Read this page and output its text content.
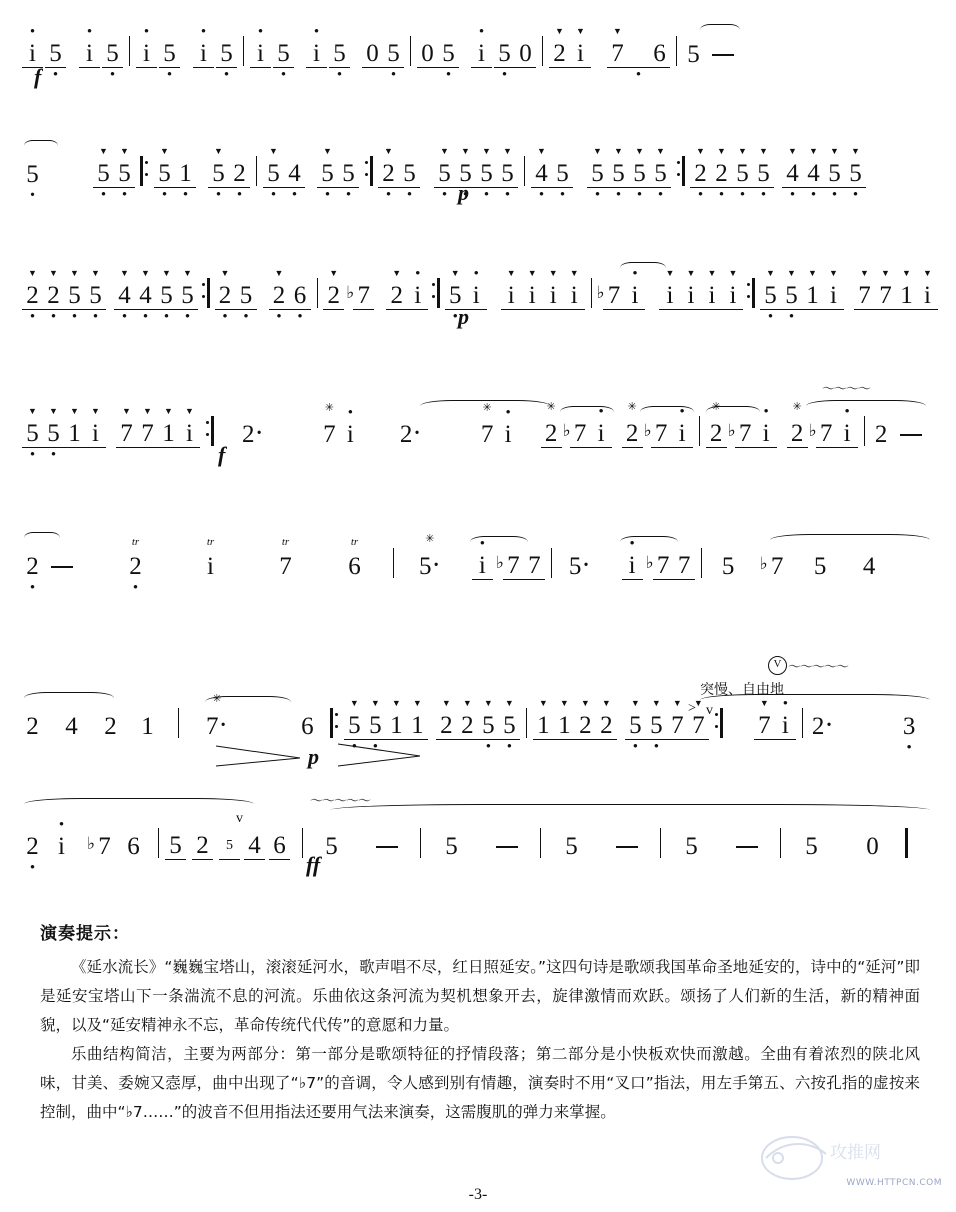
• i 5 • • i 5 • • i 5 • • i 5 • • i 5 • • i 5 • 0 5 • 0 5 • • i 5 • 0 ▼ 2 ▼ i ▼ 7 • 6 5
f
5 · ▼ 5 • ▼ 5 • ▼ 5 • 1 • ▼ 5 • 2 • ▼ 5 • 4 • ▼ 5 • 5 • ▼ 2 • 5 • ▼ 5 • ▼ 5 • ▼ 5 • ▼ 5 • ▼ 4 • 5 • ▼ 5 • ▼ 5 • ▼ 5 • ▼ 5 • ▼ 2 • ▼ 2 • ▼ 5 • ▼ 5 • ▼ 4 • ▼ 4 • ▼ 5 • ▼ 5 •
p
▼ 2 • ▼ 2 • ▼ 5 • ▼ 5 • ▼ 4 • ▼ 4 • ▼ 5 • ▼ 5 • ▼ 2 • 5 • ▼ 2 • 6 • ▼ 2 ♭ 7 ▼ 2 • i ▼ 5 • • i ▼ i ▼ i ▼ i ▼ i ♭ 7 • i ▼ i ▼ i ▼ i ▼ i ▼ 5 • ▼ 5 • ▼ 1 ▼ i ▼ 7 ▼ 7 ▼ 1 ▼ i
p
▼ 5 • ▼ 5 • ▼ 1 ▼ i ▼ 7 ▼ 7 ▼ 1 ▼ i 2 ·	✳ 7 • i 2 ·	✳ 7 • i ✳ 2 ♭ 7 • i ✳ 2 ♭ 7 • i ✳ 2 ♭ 7 • i ✳ 2 ♭ 7 • i 2
〜〜〜〜
f
2 •	tr 2 •	tr i	tr 7 tr 6 ✳ 5 ·	• i ♭ 7 7 5 ·	• i ♭ 7 7 5 ♭ 7 5 4
突慢、自由地
V 〜〜〜〜〜
2 4 2 1 ✳ 7 ·	6 ▼ 5 • ▼ 5 • ▼ 1 ▼ 1 ▼ 2 ▼ 2 ▼ 5 • ▼ 5 • ▼ 1 ▼ 1 ▼ 2 ▼ 2 ▼ 5 • ▼ 5 • ▼ 7 ▼ 7 ▼ 7 • i 2 ·	3 •
> v
p
2 • • i ♭ 7 6 5 2	5 4 6 5	5	5	5	5 0
〜〜〜〜〜
v
ff
演奏提示：

《延水流长》“巍巍宝塔山，滚滚延河水，歌声唱不尽，红日照延安。”这四句诗是歌颂我国革命圣地延安的，诗中的“延河”即是延安宝塔山下一条湍流不息的河流。乐曲依这条河流为契机想象开去，旋律激情而欢跃。颂扬了人们新的生活，新的精神面貌，以及“延安精神永不忘，革命传统代代传”的意愿和力量。

乐曲结构简洁，主要为两部分：第一部分是歌颂特征的抒情段落；第二部分是小快板欢快而激越。全曲有着浓烈的陕北风味，甘美、委婉又悫厚，曲中出现了“♭7”的音调，令人感到别有情趣，演奏时不用“叉口”指法，用左手第五、六按孔指的虚按来控制，曲中“♭7……”的波音不但用指法还要用气法来演奏，这需腹肌的弹力来掌握。

攻推网
WWW.HTTPCN.COM
-3-
